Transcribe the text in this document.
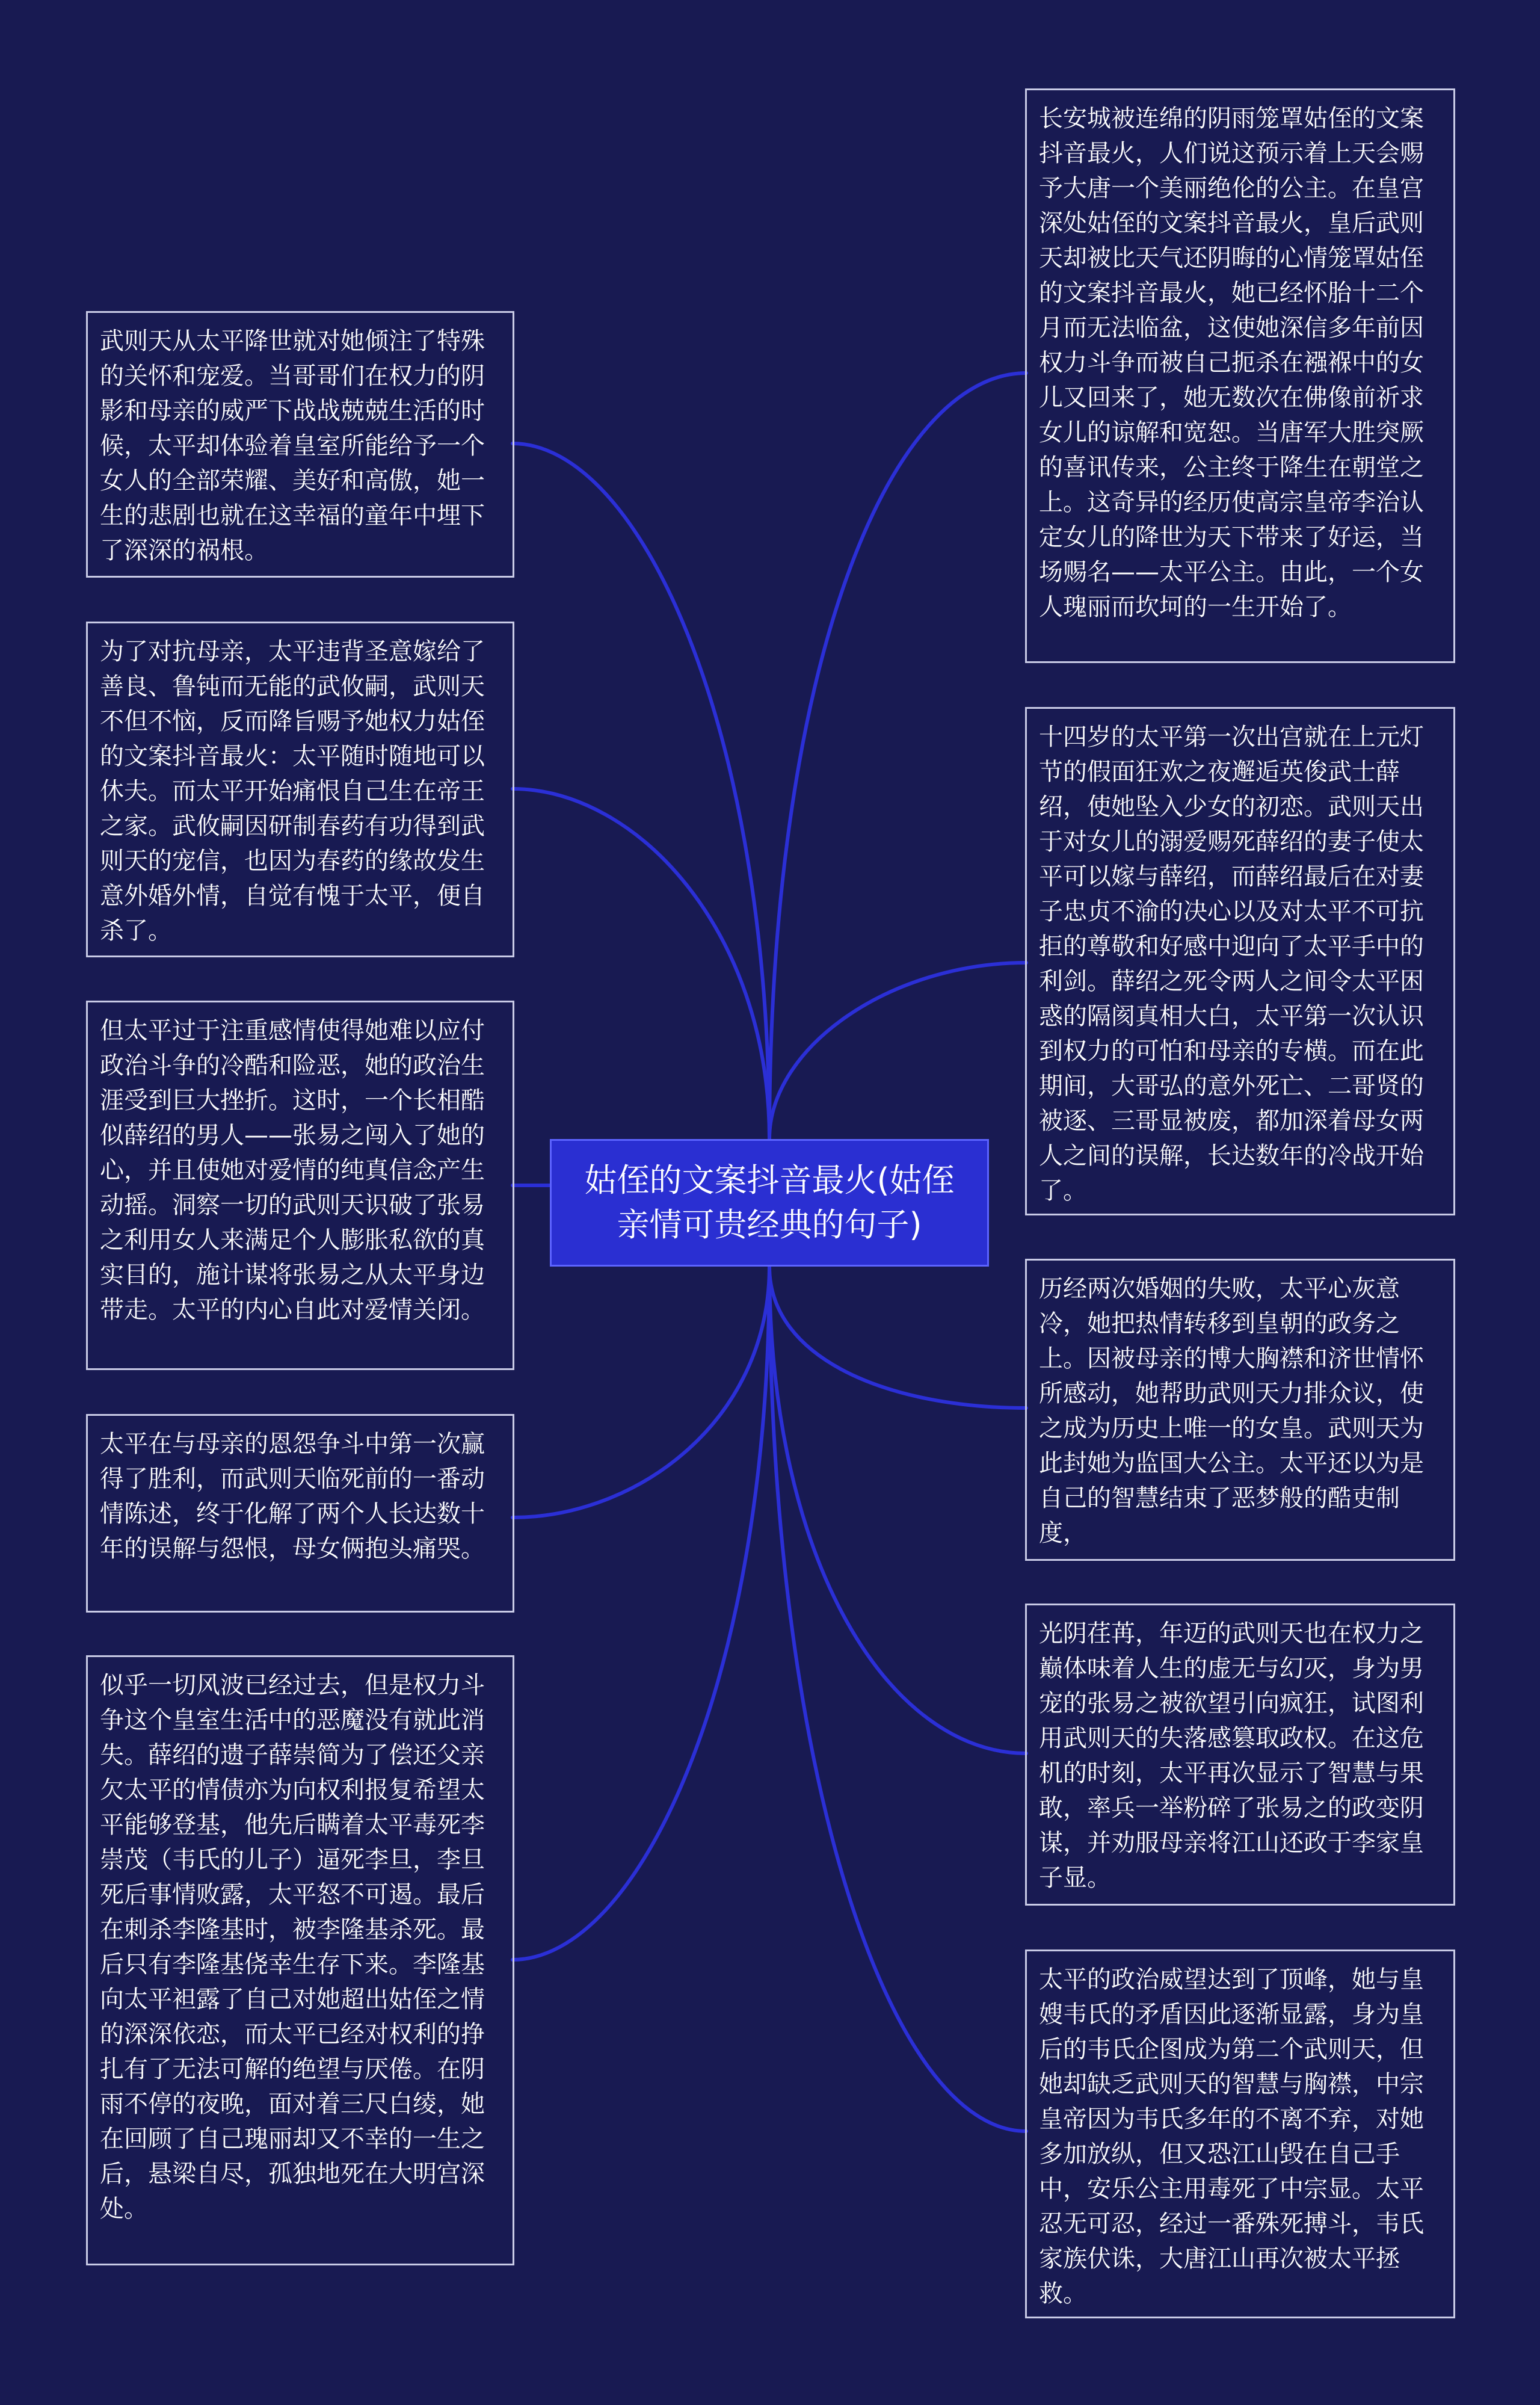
姑侄的文案抖音最火(姑侄亲情可贵经典的句子)
武则天从太平降世就对她倾注了特殊的关怀和宠爱。当哥哥们在权力的阴影和母亲的威严下战战兢兢生活的时候，太平却体验着皇室所能给予一个女人的全部荣耀、美好和高傲，她一生的悲剧也就在这幸福的童年中埋下了深深的祸根。
为了对抗母亲，太平违背圣意嫁给了善良、鲁钝而无能的武攸嗣，武则天不但不恼，反而降旨赐予她权力姑侄的文案抖音最火：太平随时随地可以休夫。而太平开始痛恨自己生在帝王之家。武攸嗣因研制春药有功得到武则天的宠信，也因为春药的缘故发生意外婚外情，自觉有愧于太平，便自杀了。
但太平过于注重感情使得她难以应付政治斗争的冷酷和险恶，她的政治生涯受到巨大挫折。这时，一个长相酷似薛绍的男人——张易之闯入了她的心，并且使她对爱情的纯真信念产生动摇。洞察一切的武则天识破了张易之利用女人来满足个人膨胀私欲的真实目的，施计谋将张易之从太平身边带走。太平的内心自此对爱情关闭。
太平在与母亲的恩怨争斗中第一次赢得了胜利，而武则天临死前的一番动情陈述，终于化解了两个人长达数十年的误解与怨恨，母女俩抱头痛哭。
似乎一切风波已经过去，但是权力斗争这个皇室生活中的恶魔没有就此消失。薛绍的遗子薛崇简为了偿还父亲欠太平的情债亦为向权利报复希望太平能够登基，他先后瞒着太平毒死李崇茂（韦氏的儿子）逼死李旦，李旦死后事情败露，太平怒不可遏。最后在刺杀李隆基时，被李隆基杀死。最后只有李隆基侥幸生存下来。李隆基向太平袒露了自己对她超出姑侄之情的深深依恋，而太平已经对权利的挣扎有了无法可解的绝望与厌倦。在阴雨不停的夜晚，面对着三尺白绫，她在回顾了自己瑰丽却又不幸的一生之后，悬梁自尽，孤独地死在大明宫深处。
长安城被连绵的阴雨笼罩姑侄的文案抖音最火，人们说这预示着上天会赐予大唐一个美丽绝伦的公主。在皇宫深处姑侄的文案抖音最火，皇后武则天却被比天气还阴晦的心情笼罩姑侄的文案抖音最火，她已经怀胎十二个月而无法临盆，这使她深信多年前因权力斗争而被自己扼杀在襁褓中的女儿又回来了，她无数次在佛像前祈求女儿的谅解和宽恕。当唐军大胜突厥的喜讯传来，公主终于降生在朝堂之上。这奇异的经历使高宗皇帝李治认定女儿的降世为天下带来了好运，当场赐名——太平公主。由此，一个女人瑰丽而坎坷的一生开始了。
十四岁的太平第一次出宫就在上元灯节的假面狂欢之夜邂逅英俊武士薛绍，使她坠入少女的初恋。武则天出于对女儿的溺爱赐死薛绍的妻子使太平可以嫁与薛绍，而薛绍最后在对妻子忠贞不渝的决心以及对太平不可抗拒的尊敬和好感中迎向了太平手中的利剑。薛绍之死令两人之间令太平困惑的隔阂真相大白，太平第一次认识到权力的可怕和母亲的专横。而在此期间，大哥弘的意外死亡、二哥贤的被逐、三哥显被废，都加深着母女两人之间的误解，长达数年的冷战开始了。
历经两次婚姻的失败，太平心灰意冷，她把热情转移到皇朝的政务之上。因被母亲的博大胸襟和济世情怀所感动，她帮助武则天力排众议，使之成为历史上唯一的女皇。武则天为此封她为监国大公主。太平还以为是自己的智慧结束了恶梦般的酷吏制度，
光阴荏苒，年迈的武则天也在权力之巅体味着人生的虚无与幻灭，身为男宠的张易之被欲望引向疯狂，试图利用武则天的失落感篡取政权。在这危机的时刻，太平再次显示了智慧与果敢，率兵一举粉碎了张易之的政变阴谋，并劝服母亲将江山还政于李家皇子显。
太平的政治威望达到了顶峰，她与皇嫂韦氏的矛盾因此逐渐显露，身为皇后的韦氏企图成为第二个武则天，但她却缺乏武则天的智慧与胸襟，中宗皇帝因为韦氏多年的不离不弃，对她多加放纵，但又恐江山毁在自己手中，安乐公主用毒死了中宗显。太平忍无可忍，经过一番殊死搏斗，韦氏家族伏诛，大唐江山再次被太平拯救。
